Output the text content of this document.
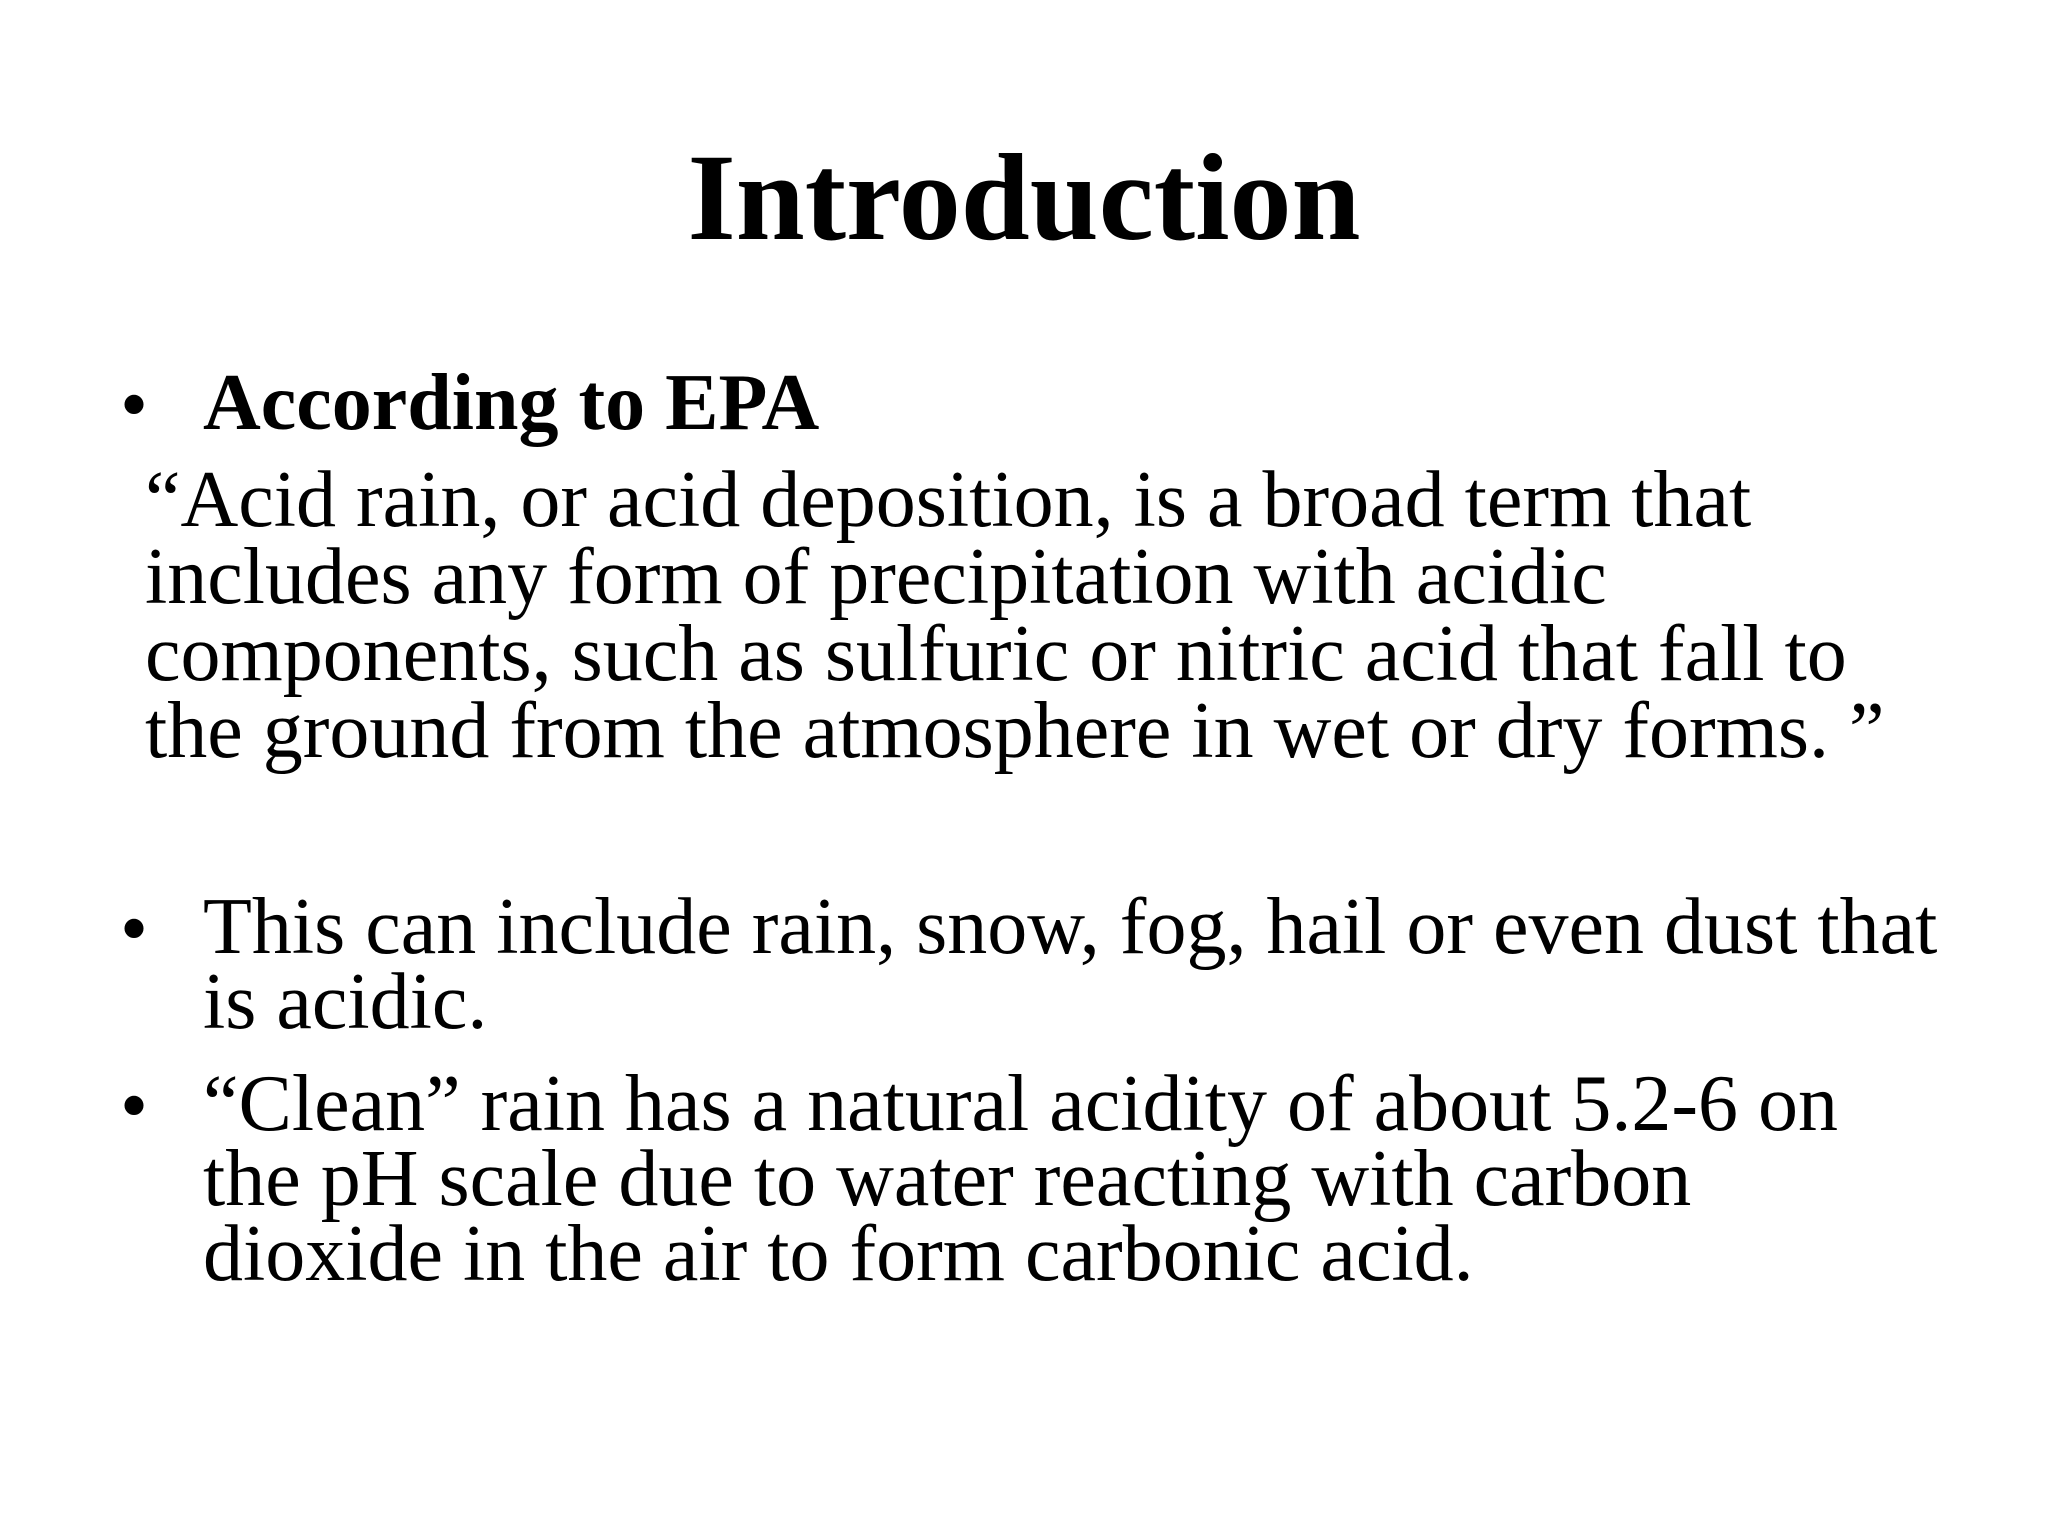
Introduction
• According to EPA
“Acid rain, or acid deposition, is a broad term that
includes any form of precipitation with acidic
components, such as sulfuric or nitric acid that fall to
the ground from the atmosphere in wet or dry forms. ”
• This can include rain, snow, fog, hail or even dust that
is acidic.
• “Clean” rain has a natural acidity of about 5.2-6 on
the pH scale due to water reacting with carbon
dioxide in the air to form carbonic acid.
